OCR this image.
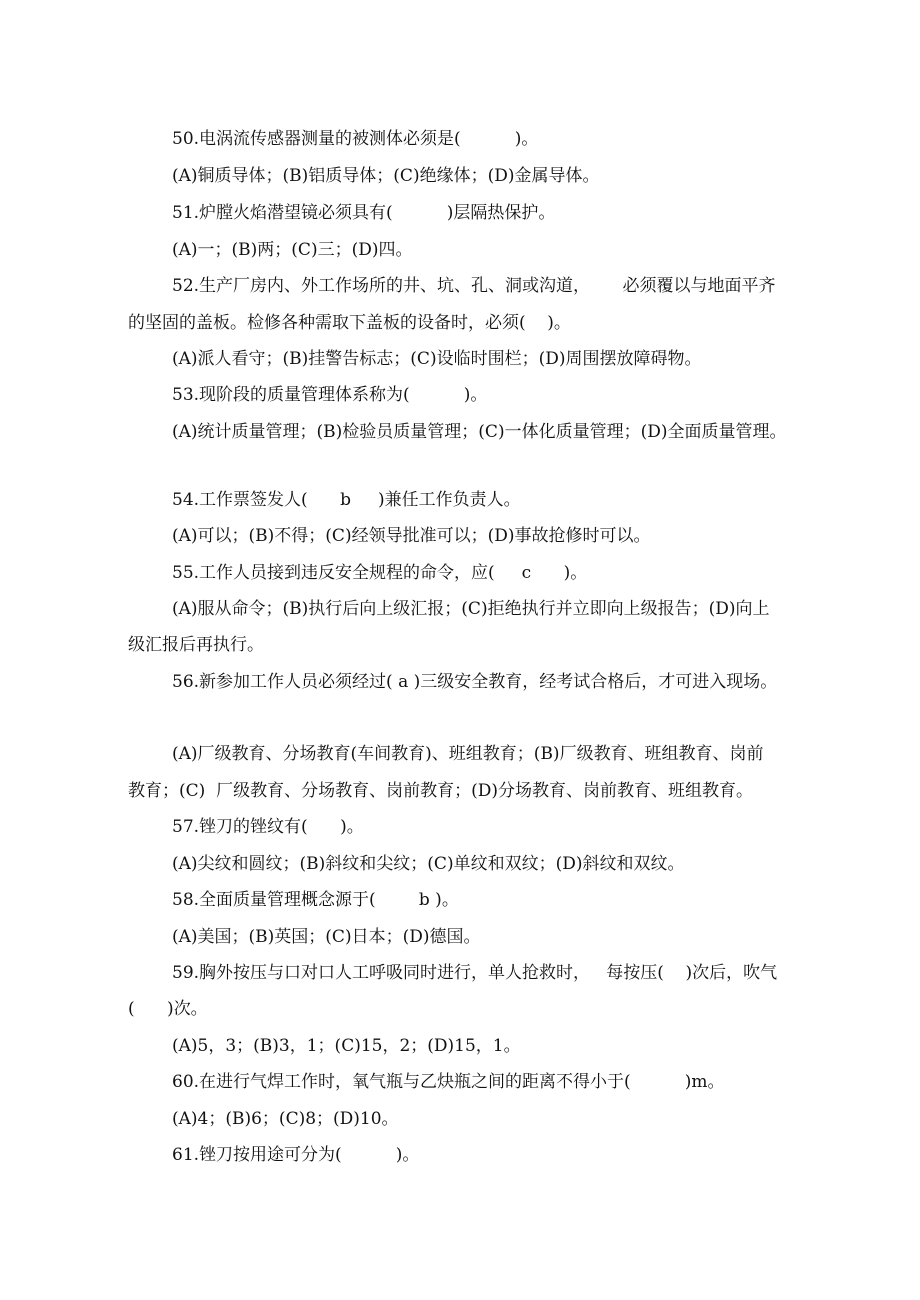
50.电涡流传感器测量的被测体必须是(          )。

(A)铜质导体；(B)铝质导体；(C)绝缘体；(D)金属导体。

51.炉膛火焰潜望镜必须具有(          )层隔热保护。

(A)一；(B)两；(C)三；(D)四。

52.生产厂房内、外工作场所的井、坑、孔、洞或沟道，      必须覆以与地面平齐

的坚固的盖板。检修各种需取下盖板的设备时，必须(    )。

(A)派人看守；(B)挂警告标志；(C)设临时围栏；(D)周围摆放障碍物。

53.现阶段的质量管理体系称为(          )。

(A)统计质量管理；(B)检验员质量管理；(C)一体化质量管理；(D)全面质量管理。

54.工作票签发人(      b     )兼任工作负责人。

(A)可以；(B)不得；(C)经领导批准可以；(D)事故抢修时可以。

55.工作人员接到违反安全规程的命令，应(     c      )。

(A)服从命令；(B)执行后向上级汇报；(C)拒绝执行并立即向上级报告；(D)向上

级汇报后再执行。

56.新参加工作人员必须经过( a )三级安全教育，经考试合格后，才可进入现场。

(A)厂级教育、分场教育(车间教育)、班组教育；(B)厂级教育、班组教育、岗前

教育；(C)  厂级教育、分场教育、岗前教育；(D)分场教育、岗前教育、班组教育。

57.锉刀的锉纹有(      )。

(A)尖纹和圆纹；(B)斜纹和尖纹；(C)单纹和双纹；(D)斜纹和双纹。

58.全面质量管理概念源于(        b )。

(A)美国；(B)英国；(C)日本；(D)德国。

59.胸外按压与口对口人工呼吸同时进行，单人抢救时，   每按压(    )次后，吹气

(      )次。

(A)5，3；(B)3，1；(C)15，2；(D)15，1。

60.在进行气焊工作时，氧气瓶与乙炔瓶之间的距离不得小于(          )m。

(A)4；(B)6；(C)8；(D)10。

61.锉刀按用途可分为(          )。
